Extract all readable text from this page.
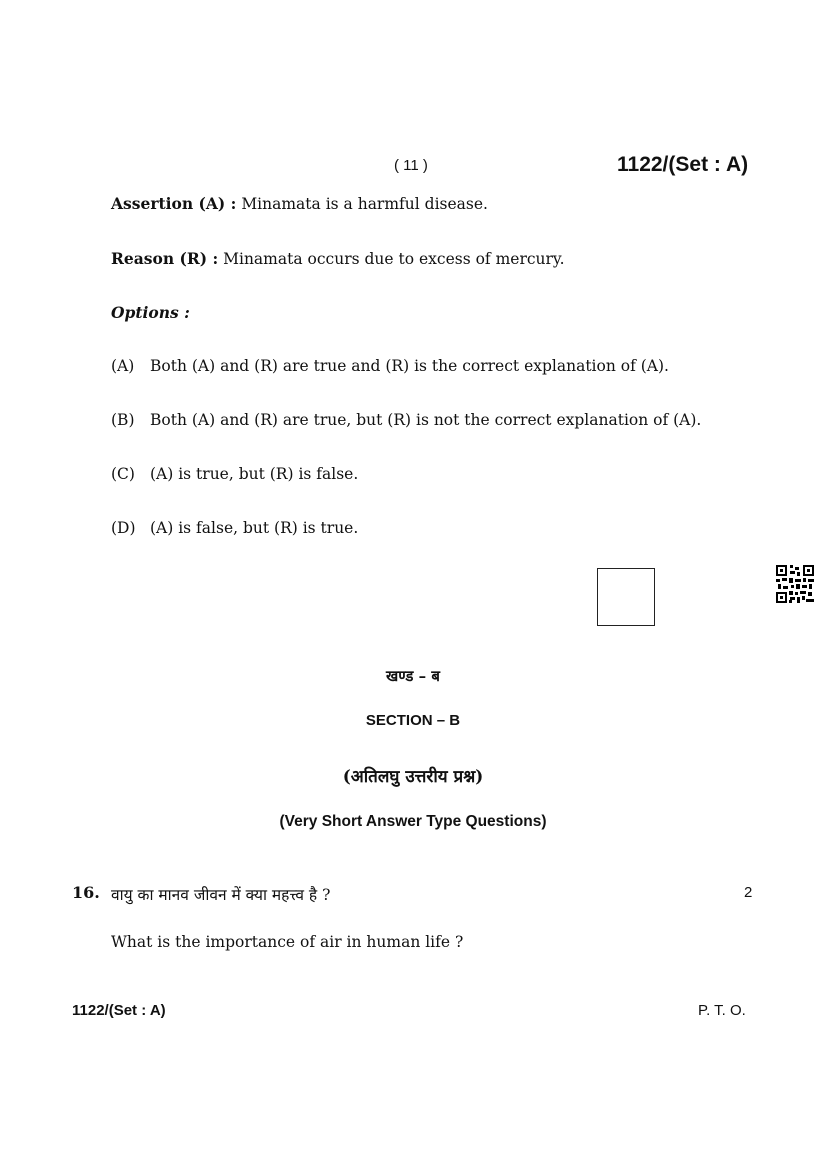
( 11 )	1122/(Set : A)
Assertion (A) : Minamata is a harmful disease.
Reason (R) : Minamata occurs due to excess of mercury.
Options :
(A) Both (A) and (R) are true and (R) is the correct explanation of (A).
(B) Both (A) and (R) are true, but (R) is not the correct explanation of (A).
(C) (A) is true, but (R) is false.
(D) (A) is false, but (R) is true.
खण्ड – ब
SECTION – B
(अतिलघु उत्तरीय प्रश्न)
(Very Short Answer Type Questions)
16. वायु का मानव जीवन में क्या महत्त्व है ?	2
What is the importance of air in human life ?
1122/(Set : A)	P. T. O.
